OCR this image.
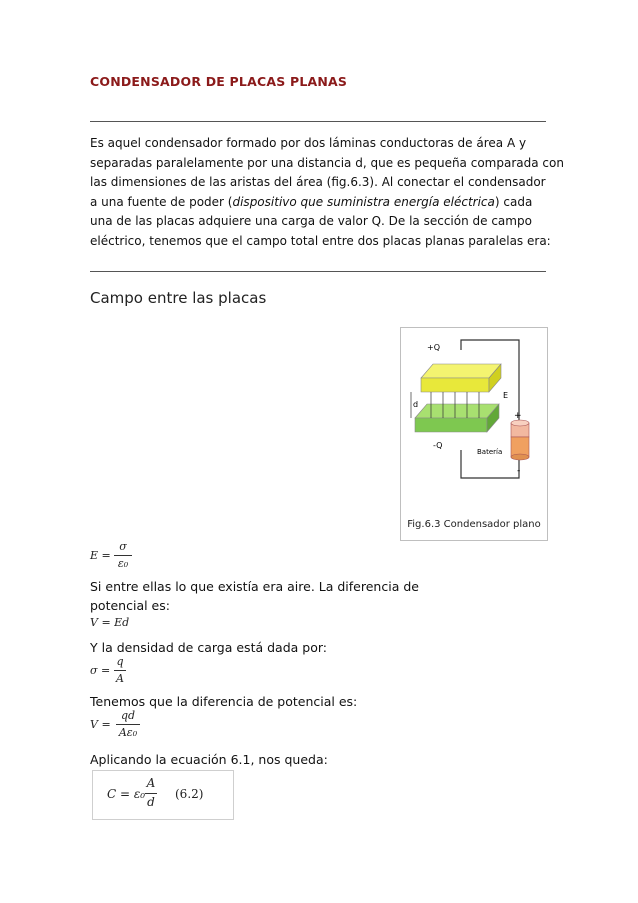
CONDENSADOR DE PLACAS PLANAS
Es aquel condensador formado por dos láminas conductoras de área A y
separadas paralelamente por una distancia d, que es pequeña comparada con
las dimensiones de las aristas del área (fig.6.3). Al conectar el condensador
a una fuente de poder (dispositivo que suministra energía eléctrica) cada
una de las placas adquiere una carga de valor Q. De la sección de campo
eléctrico, tenemos que el campo total entre dos placas planas paralelas era:
Campo entre las placas
d
+Q
-Q
E
Batería
+
-
Fig.6.3 Condensador plano
E =
σ
ε₀
Si entre ellas lo que existía era aire. La diferencia de
potencial es:
V = Ed
Y la densidad de carga está dada por:
σ =
q
A
Tenemos que la diferencia de potencial es:
V =
qd
Aε₀
Aplicando la ecuación 6.1, nos queda:
C = ε₀
A
d
(6.2)
